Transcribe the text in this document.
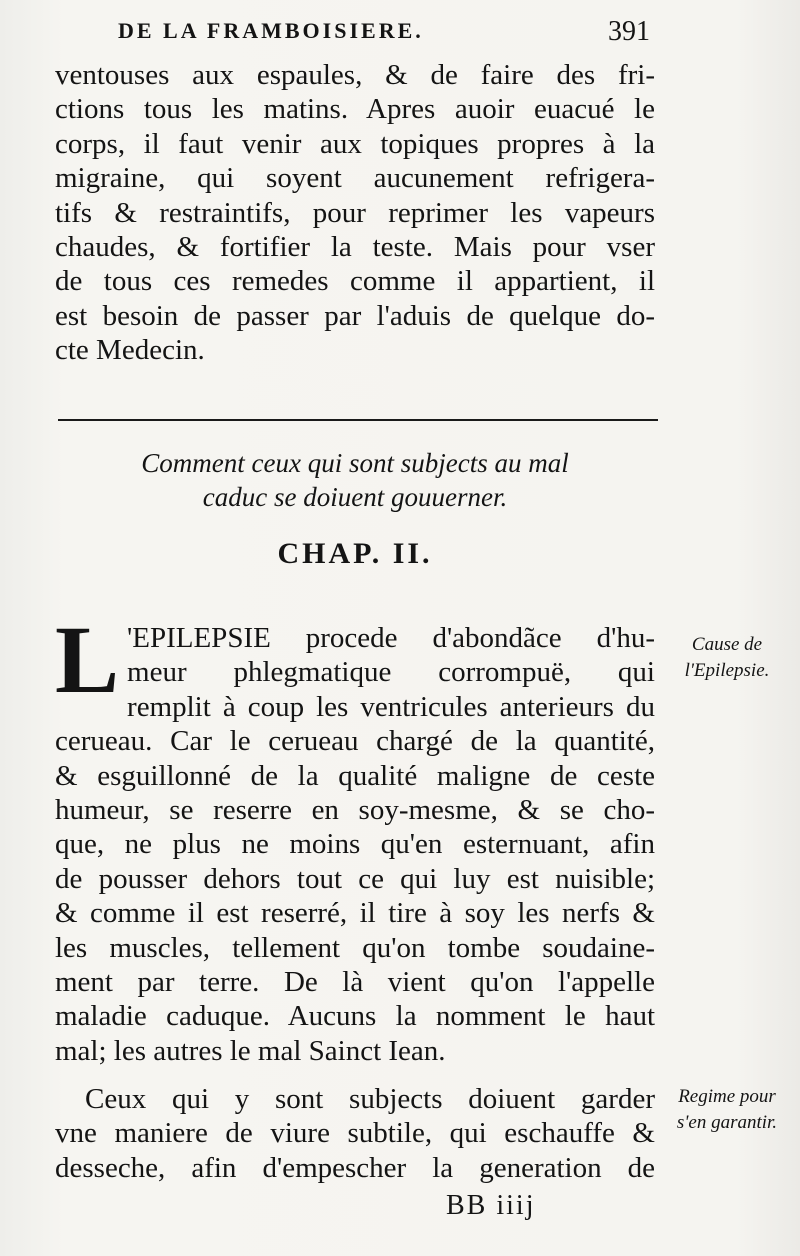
DE LA FRAMBOISIERE.	391
ventouses aux espaules, & de faire des fri-
ctions tous les matins. Apres auoir euacué le
corps, il faut venir aux topiques propres à la
migraine, qui soyent aucunement refrigera-
tifs & restraintifs, pour reprimer les vapeurs
chaudes, & fortifier la teste. Mais pour vser
de tous ces remedes comme il appartient, il
est besoin de passer par l'aduis de quelque do-
cte Medecin.
Comment ceux qui sont subjects au mal
caduc se doiuent gouuerner.
CHAP. II.
L 'EPILEPSIE procede d'abondãce d'hu-
meur phlegmatique corrompuë, qui
remplit à coup les ventricules anterieurs du
cerueau. Car le cerueau chargé de la quantité,
& esguillonné de la qualité maligne de ceste
humeur, se reserre en soy-mesme, & se cho-
que, ne plus ne moins qu'en esternuant, afin
de pousser dehors tout ce qui luy est nuisible;
& comme il est reserré, il tire à soy les nerfs &
les muscles, tellement qu'on tombe soudaine-
ment par terre. De là vient qu'on l'appelle
maladie caduque. Aucuns la nomment le haut
mal; les autres le mal Sainct Iean.
Ceux qui y sont subjects doiuent garder
vne maniere de viure subtile, qui eschauffe &
desseche, afin d'empescher la generation de
Cause de
l'Epilepsie.
Regime pour
s'en garantir.
BB iiij
